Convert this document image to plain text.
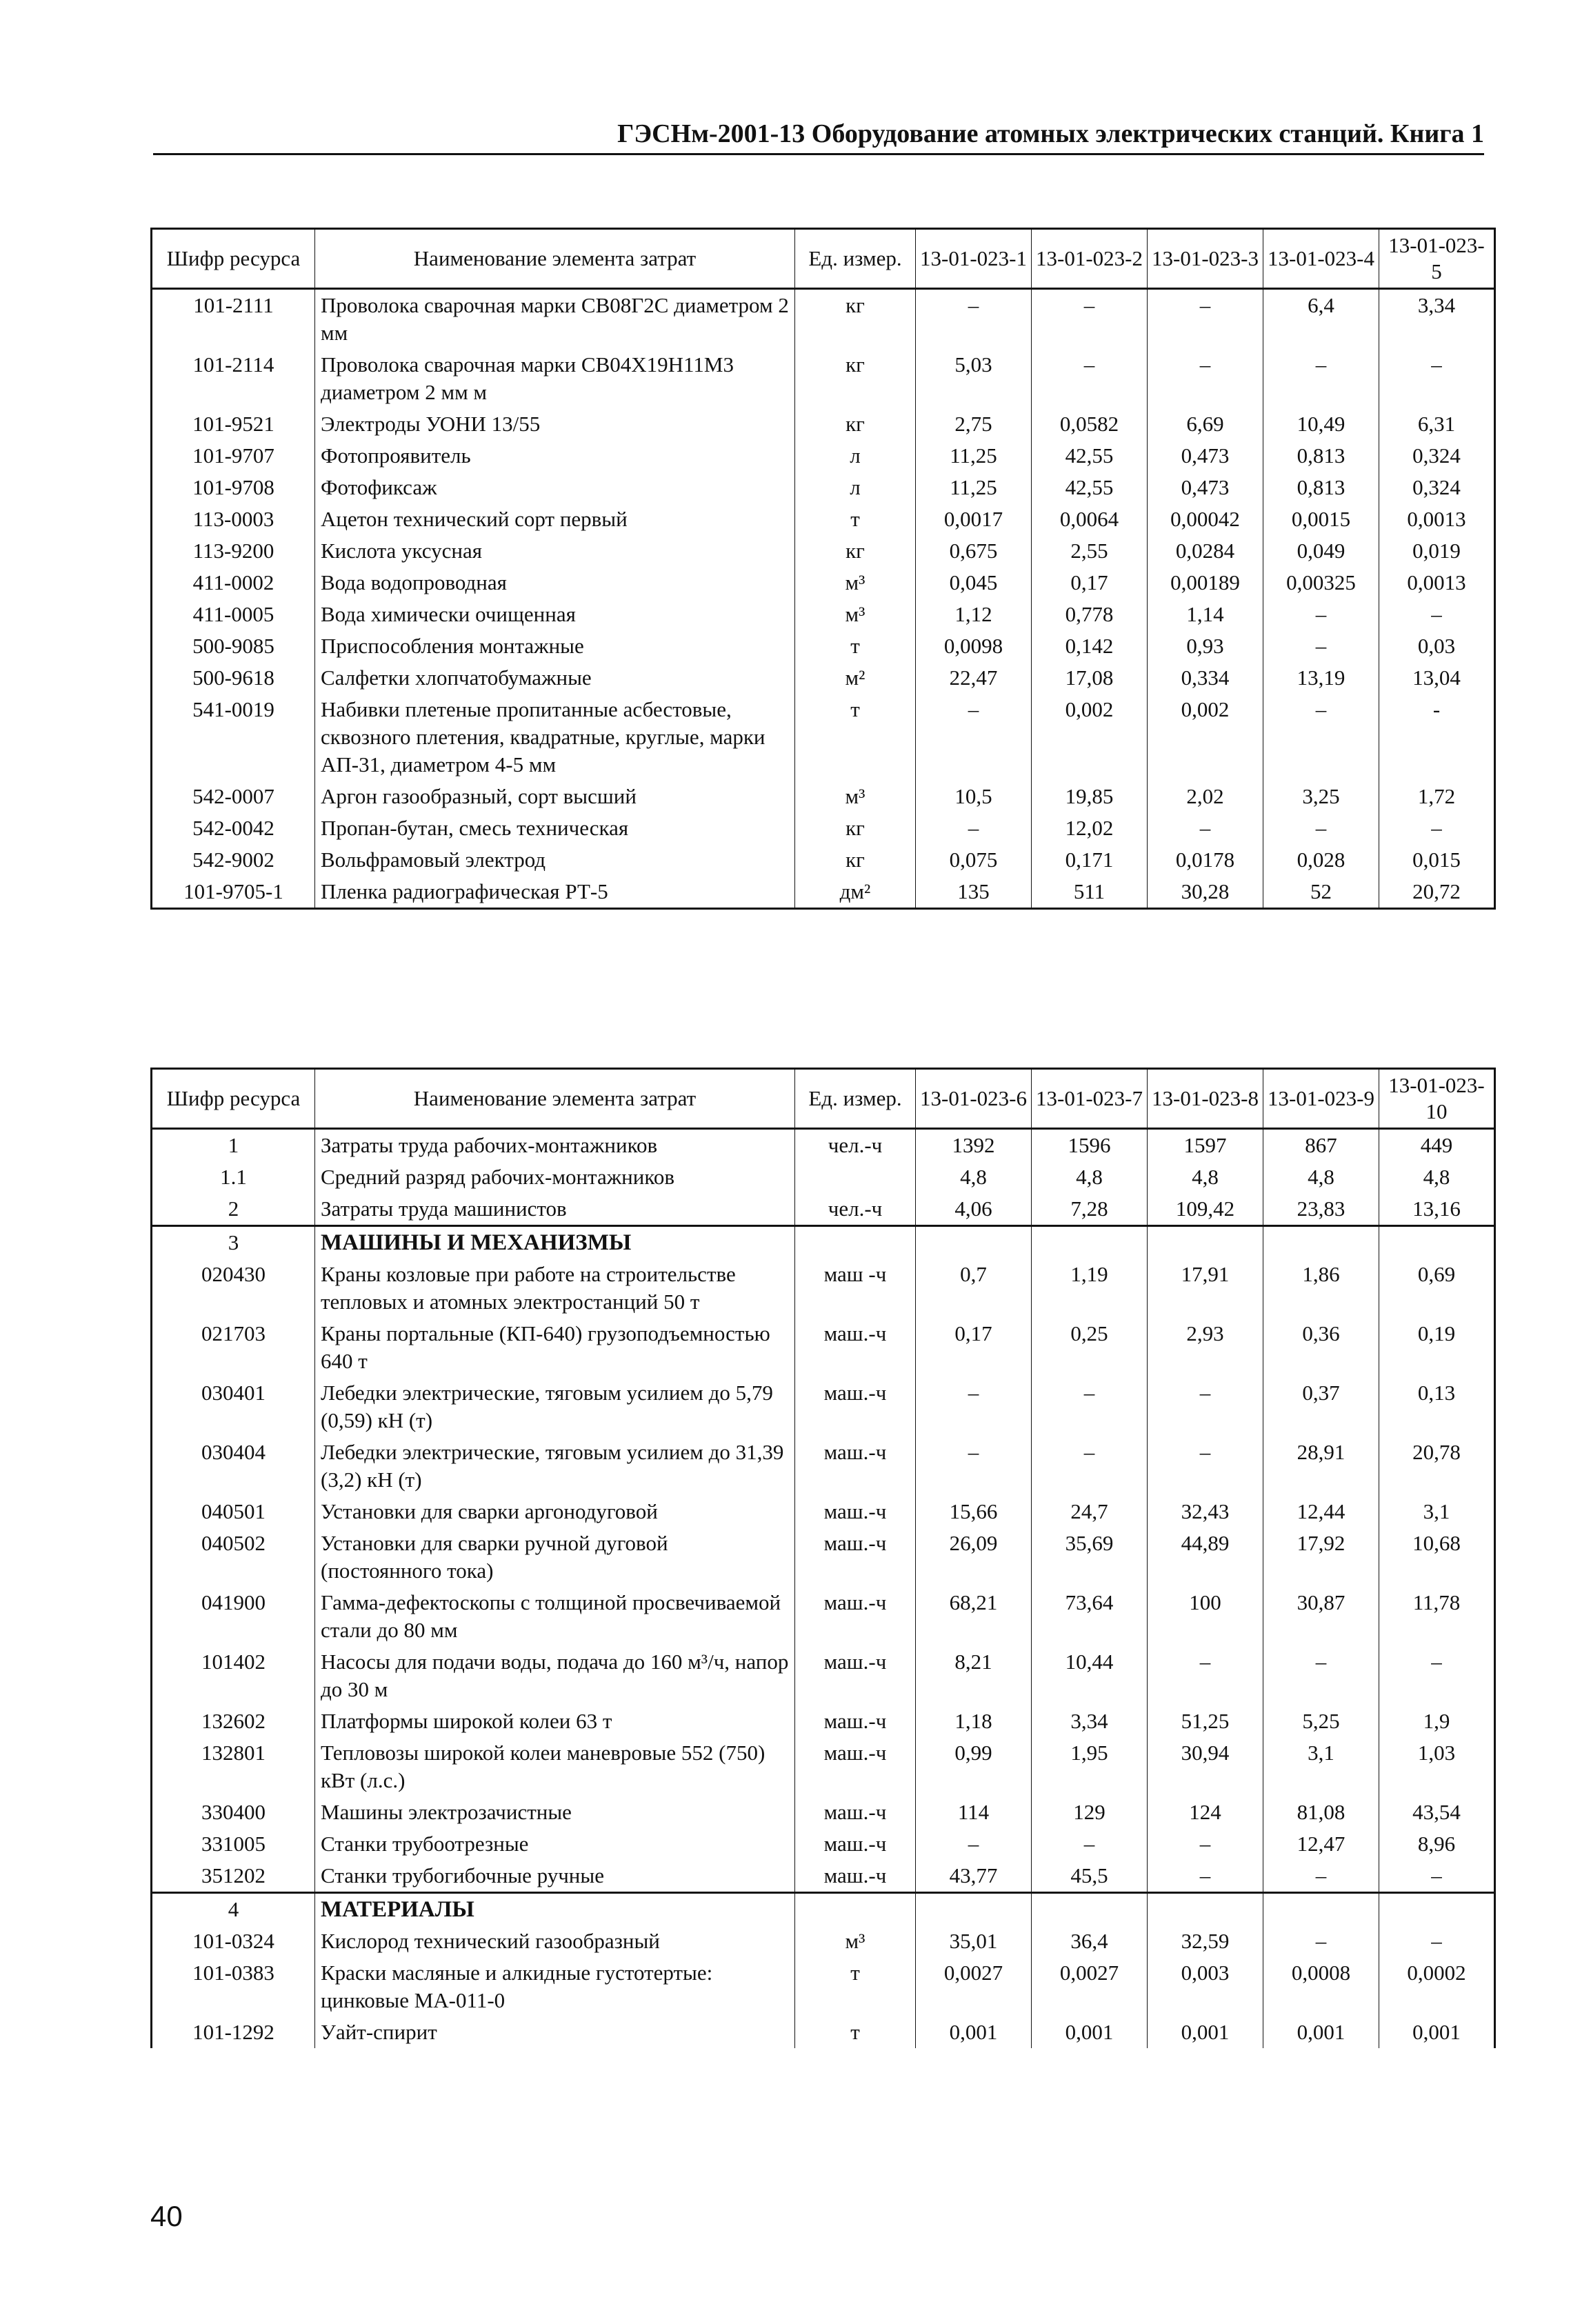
ГЭСНм-2001-13 Оборудование атомных электрических станций. Книга 1
Шифр ресурса	Наименование элемента затрат	Ед. измер.	13-01-023-1	13-01-023-2	13-01-023-3	13-01-023-4	13-01-023-5
101-2111	Проволока сварочная марки СВ08Г2С диаметром 2 мм	кг	–	–	–	6,4	3,34
101-2114	Проволока сварочная марки СВ04Х19Н11М3 диаметром 2 мм м	кг	5,03	–	–	–	–
101-9521	Электроды УОНИ 13/55	кг	2,75	0,0582	6,69	10,49	6,31
101-9707	Фотопроявитель	л	11,25	42,55	0,473	0,813	0,324
101-9708	Фотофиксаж	л	11,25	42,55	0,473	0,813	0,324
113-0003	Ацетон технический сорт первый	т	0,0017	0,0064	0,00042	0,0015	0,0013
113-9200	Кислота уксусная	кг	0,675	2,55	0,0284	0,049	0,019
411-0002	Вода водопроводная	м³	0,045	0,17	0,00189	0,00325	0,0013
411-0005	Вода химически очищенная	м³	1,12	0,778	1,14	–	–
500-9085	Приспособления монтажные	т	0,0098	0,142	0,93	–	0,03
500-9618	Салфетки хлопчатобумажные	м²	22,47	17,08	0,334	13,19	13,04
541-0019	Набивки плетеные пропитанные асбестовые, сквозного плетения, квадратные, круглые, марки АП-31, диаметром 4-5 мм	т	–	0,002	0,002	–	-
542-0007	Аргон газообразный, сорт высший	м³	10,5	19,85	2,02	3,25	1,72
542-0042	Пропан-бутан, смесь техническая	кг	–	12,02	–	–	–
542-9002	Вольфрамовый электрод	кг	0,075	0,171	0,0178	0,028	0,015
101-9705-1	Пленка радиографическая РТ-5	дм²	135	511	30,28	52	20,72
Шифр ресурса	Наименование элемента затрат	Ед. измер.	13-01-023-6	13-01-023-7	13-01-023-8	13-01-023-9	13-01-023-10
1	Затраты труда рабочих-монтажников	чел.-ч	1392	1596	1597	867	449
1.1	Средний разряд рабочих-монтажников		4,8	4,8	4,8	4,8	4,8
2	Затраты труда машинистов	чел.-ч	4,06	7,28	109,42	23,83	13,16
3	МАШИНЫ И МЕХАНИЗМЫ						
020430	Краны козловые при работе на строительстве тепловых и атомных электростанций 50 т	маш -ч	0,7	1,19	17,91	1,86	0,69
021703	Краны портальные (КП-640) грузоподъемностью 640 т	маш.-ч	0,17	0,25	2,93	0,36	0,19
030401	Лебедки электрические, тяговым усилием до 5,79 (0,59) кН (т)	маш.-ч	–	–	–	0,37	0,13
030404	Лебедки электрические, тяговым усилием до 31,39 (3,2) кН (т)	маш.-ч	–	–	–	28,91	20,78
040501	Установки для сварки аргонодуговой	маш.-ч	15,66	24,7	32,43	12,44	3,1
040502	Установки для сварки ручной дуговой (постоянного тока)	маш.-ч	26,09	35,69	44,89	17,92	10,68
041900	Гамма-дефектоскопы с толщиной просвечиваемой стали до 80 мм	маш.-ч	68,21	73,64	100	30,87	11,78
101402	Насосы для подачи воды, подача до 160 м³/ч, напор до 30 м	маш.-ч	8,21	10,44	–	–	–
132602	Платформы широкой колеи 63 т	маш.-ч	1,18	3,34	51,25	5,25	1,9
132801	Тепловозы широкой колеи маневровые 552 (750) кВт (л.с.)	маш.-ч	0,99	1,95	30,94	3,1	1,03
330400	Машины электрозачистные	маш.-ч	114	129	124	81,08	43,54
331005	Станки трубоотрезные	маш.-ч	–	–	–	12,47	8,96
351202	Станки трубогибочные ручные	маш.-ч	43,77	45,5	–	–	–
4	МАТЕРИАЛЫ						
101-0324	Кислород технический газообразный	м³	35,01	36,4	32,59	–	–
101-0383	Краски масляные и алкидные густотертые: цинковые МА-011-0	т	0,0027	0,0027	0,003	0,0008	0,0002
101-1292	Уайт-спирит	т	0,001	0,001	0,001	0,001	0,001
40
